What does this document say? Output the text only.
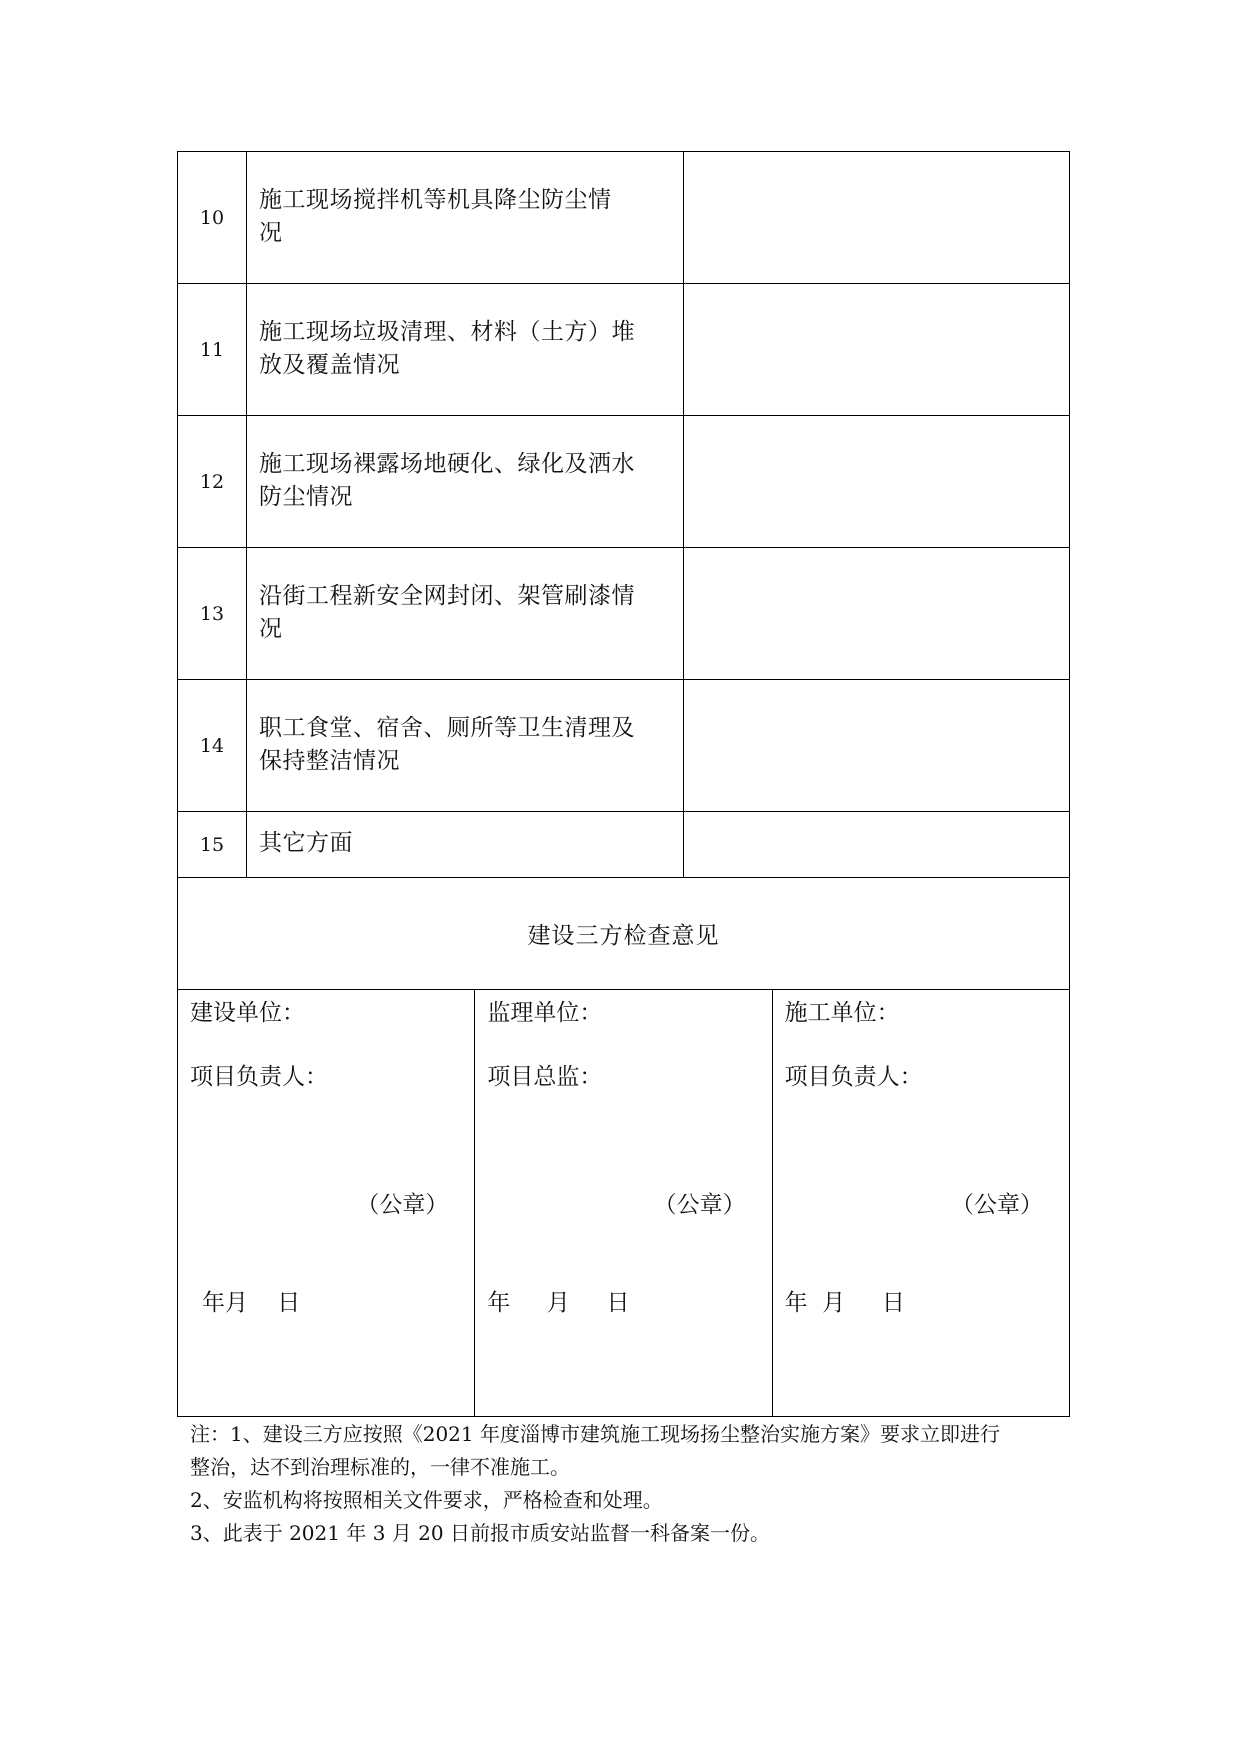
10	施工现场搅拌机等机具降尘防尘情
况	
11	施工现场垃圾清理、材料（土方）堆
放及覆盖情况	
12	施工现场裸露场地硬化、绿化及洒水
防尘情况	
13	沿街工程新安全网封闭、架管刷漆情
况	
14	职工食堂、宿舍、厕所等卫生清理及
保持整洁情况	
15	其它方面	
建设三方检查意见
建设单位：
项目负责人：
（公章）
年月    日
监理单位：
项目总监：
（公章）
年     月     日
施工单位：
项目负责人：
（公章）
年  月     日
注：1、建设三方应按照《2021 年度淄博市建筑施工现场扬尘整治实施方案》要求立即进行
整治，达不到治理标准的，一律不准施工。
2、安监机构将按照相关文件要求，严格检查和处理。
3、此表于 2021 年 3 月 20 日前报市质安站监督一科备案一份。
